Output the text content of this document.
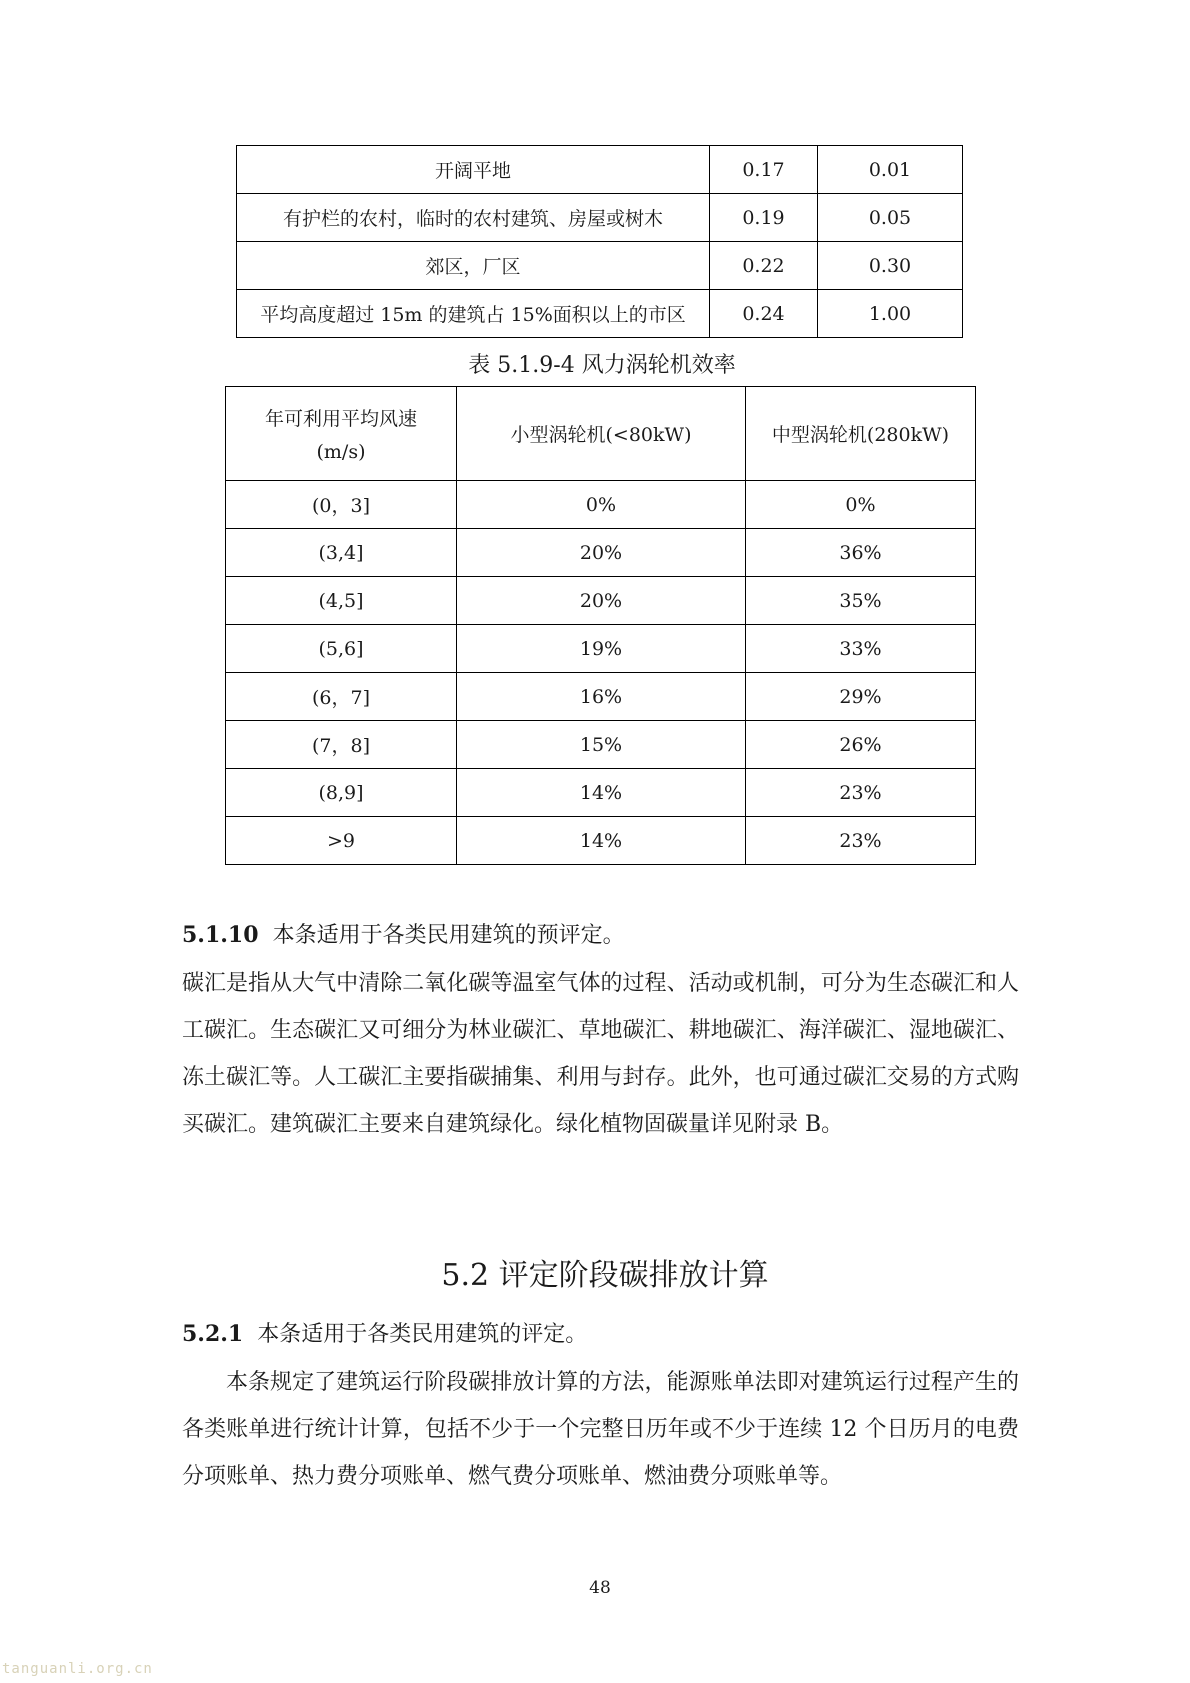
开阔平地	0.17	0.01
有护栏的农村，临时的农村建筑、房屋或树木	0.19	0.05
郊区，厂区	0.22	0.30
平均高度超过 15m 的建筑占 15%面积以上的市区	0.24	1.00
表 5.1.9-4 风力涡轮机效率
年可利用平均风速
(m/s)	小型涡轮机(<80kW)	中型涡轮机(280kW)
(0，3]	0%	0%
(3,4]	20%	36%
(4,5]	20%	35%
(5,6]	19%	33%
(6，7]	16%	29%
(7，8]	15%	26%
(8,9]	14%	23%
>9	14%	23%
5.1.10 本条适用于各类民用建筑的预评定。
碳汇是指从大气中清除二氧化碳等温室气体的过程、活动或机制，可分为生态碳汇和人工碳汇。生态碳汇又可细分为林业碳汇、草地碳汇、耕地碳汇、海洋碳汇、湿地碳汇、冻土碳汇等。人工碳汇主要指碳捕集、利用与封存。此外，也可通过碳汇交易的方式购买碳汇。建筑碳汇主要来自建筑绿化。绿化植物固碳量详见附录 B。
5.2 评定阶段碳排放计算
5.2.1 本条适用于各类民用建筑的评定。
本条规定了建筑运行阶段碳排放计算的方法，能源账单法即对建筑运行过程产生的各类账单进行统计计算，包括不少于一个完整日历年或不少于连续 12 个日历月的电费分项账单、热力费分项账单、燃气费分项账单、燃油费分项账单等。
48
tanguanli.org.cn
